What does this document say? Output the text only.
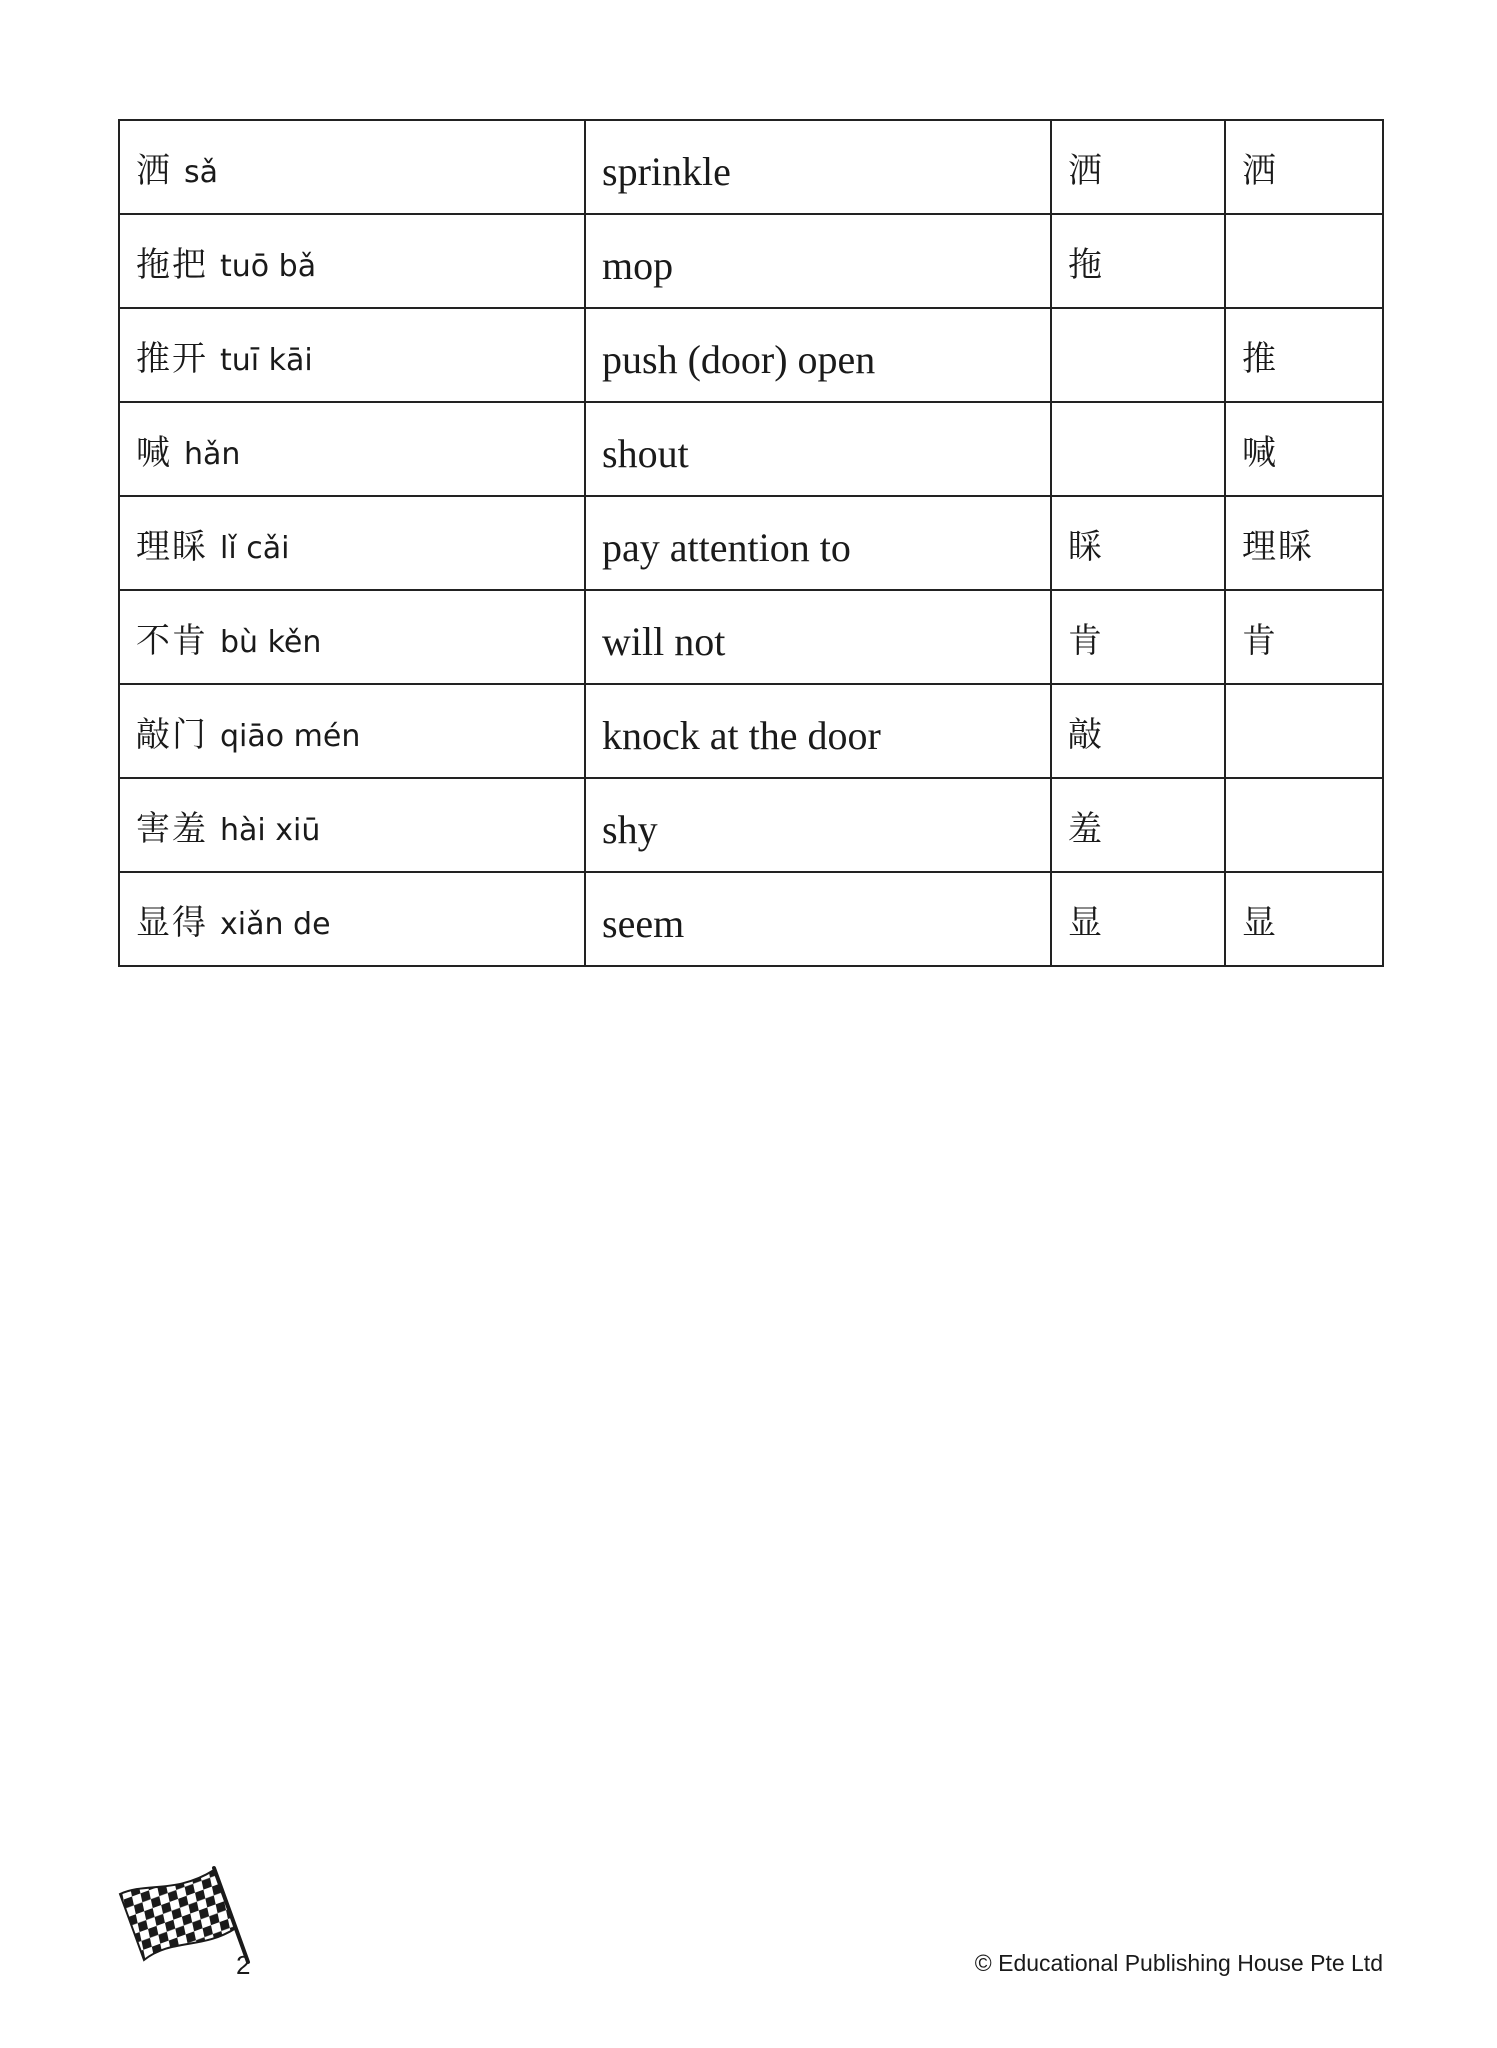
洒 sǎ	sprinkle	洒	洒
拖把 tuō bǎ	mop	拖	
推开 tuī kāi	push (door) open		推
喊 hǎn	shout		喊
理睬 lǐ cǎi	pay attention to	睬	理睬
不肯 bù kěn	will not	肯	肯
敲门 qiāo mén	knock at the door	敲	
害羞 hài xiū	shy	羞	
显得 xiǎn de	seem	显	显
2	© Educational Publishing House Pte Ltd
